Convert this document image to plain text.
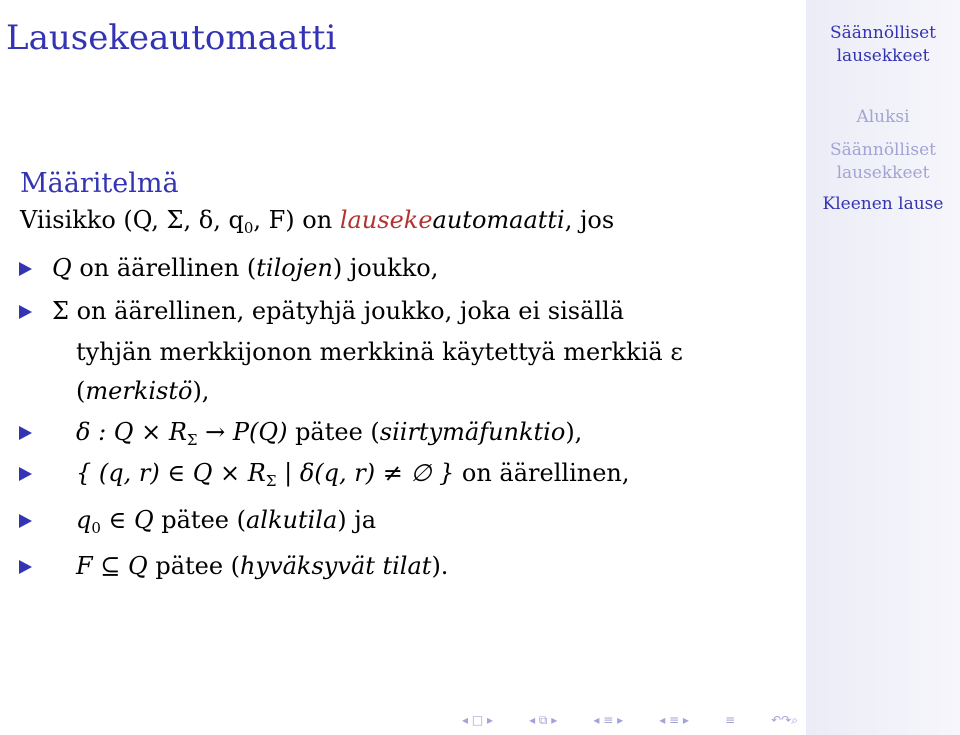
Lausekeautomaatti
Määritelmä
Viisikko (Q, Σ, δ, $q_0$, F) on lausekeautomaatti, jos
Q on äärellinen (tilojen) joukko,
Σ on äärellinen, epätyhjä joukko, joka ei sisällä
tyhjän merkkijonon merkkinä käytettyä merkkiä ε
(merkistö),
δ : $Q \times R_\Sigma \to P(Q)$ pätee (siirtymäfunktio),
{ (q, r) ∈ $Q \times R_\Sigma$ | δ(q, r) ≠ ∅ } on äärellinen,
$q_0$ ∈ Q pätee (alkutila) ja
F ⊆ Q pätee (hyväksyvät tilat).
◂ □ ▸	◂ ⧉ ▸	◂ ≡ ▸	◂ ≡ ▸	≡	↶↷⌕
Säännölliset lausekkeet
Aluksi
Säännölliset lausekkeet
Kleenen lause
